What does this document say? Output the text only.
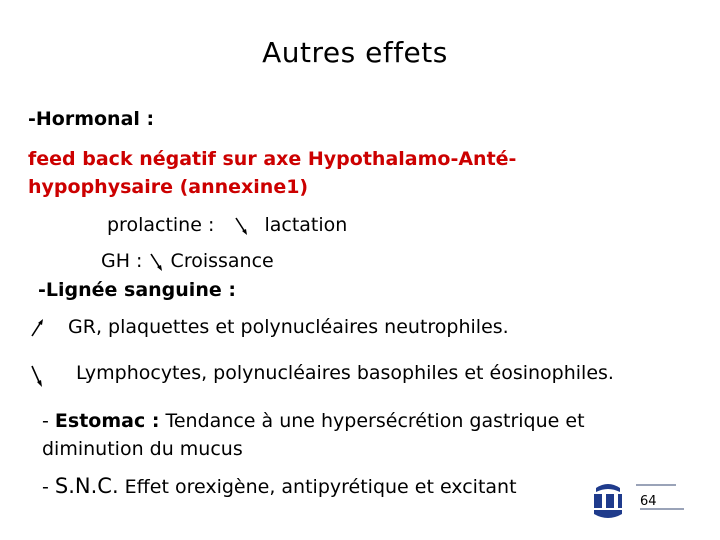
Autres effets
-Hormonal :
feed back négatif sur axe Hypothalamo-Anté-
hypophysaire (annexine1)
prolactine :	lactation
GH : Croissance
-Lignée sanguine :
GR, plaquettes et polynucléaires neutrophiles.
Lymphocytes, polynucléaires basophiles et éosinophiles.
- Estomac : Tendance à une hypersécrétion gastrique et
diminution du mucus
- S.N.C. Effet orexigène, antipyrétique et excitant
64
